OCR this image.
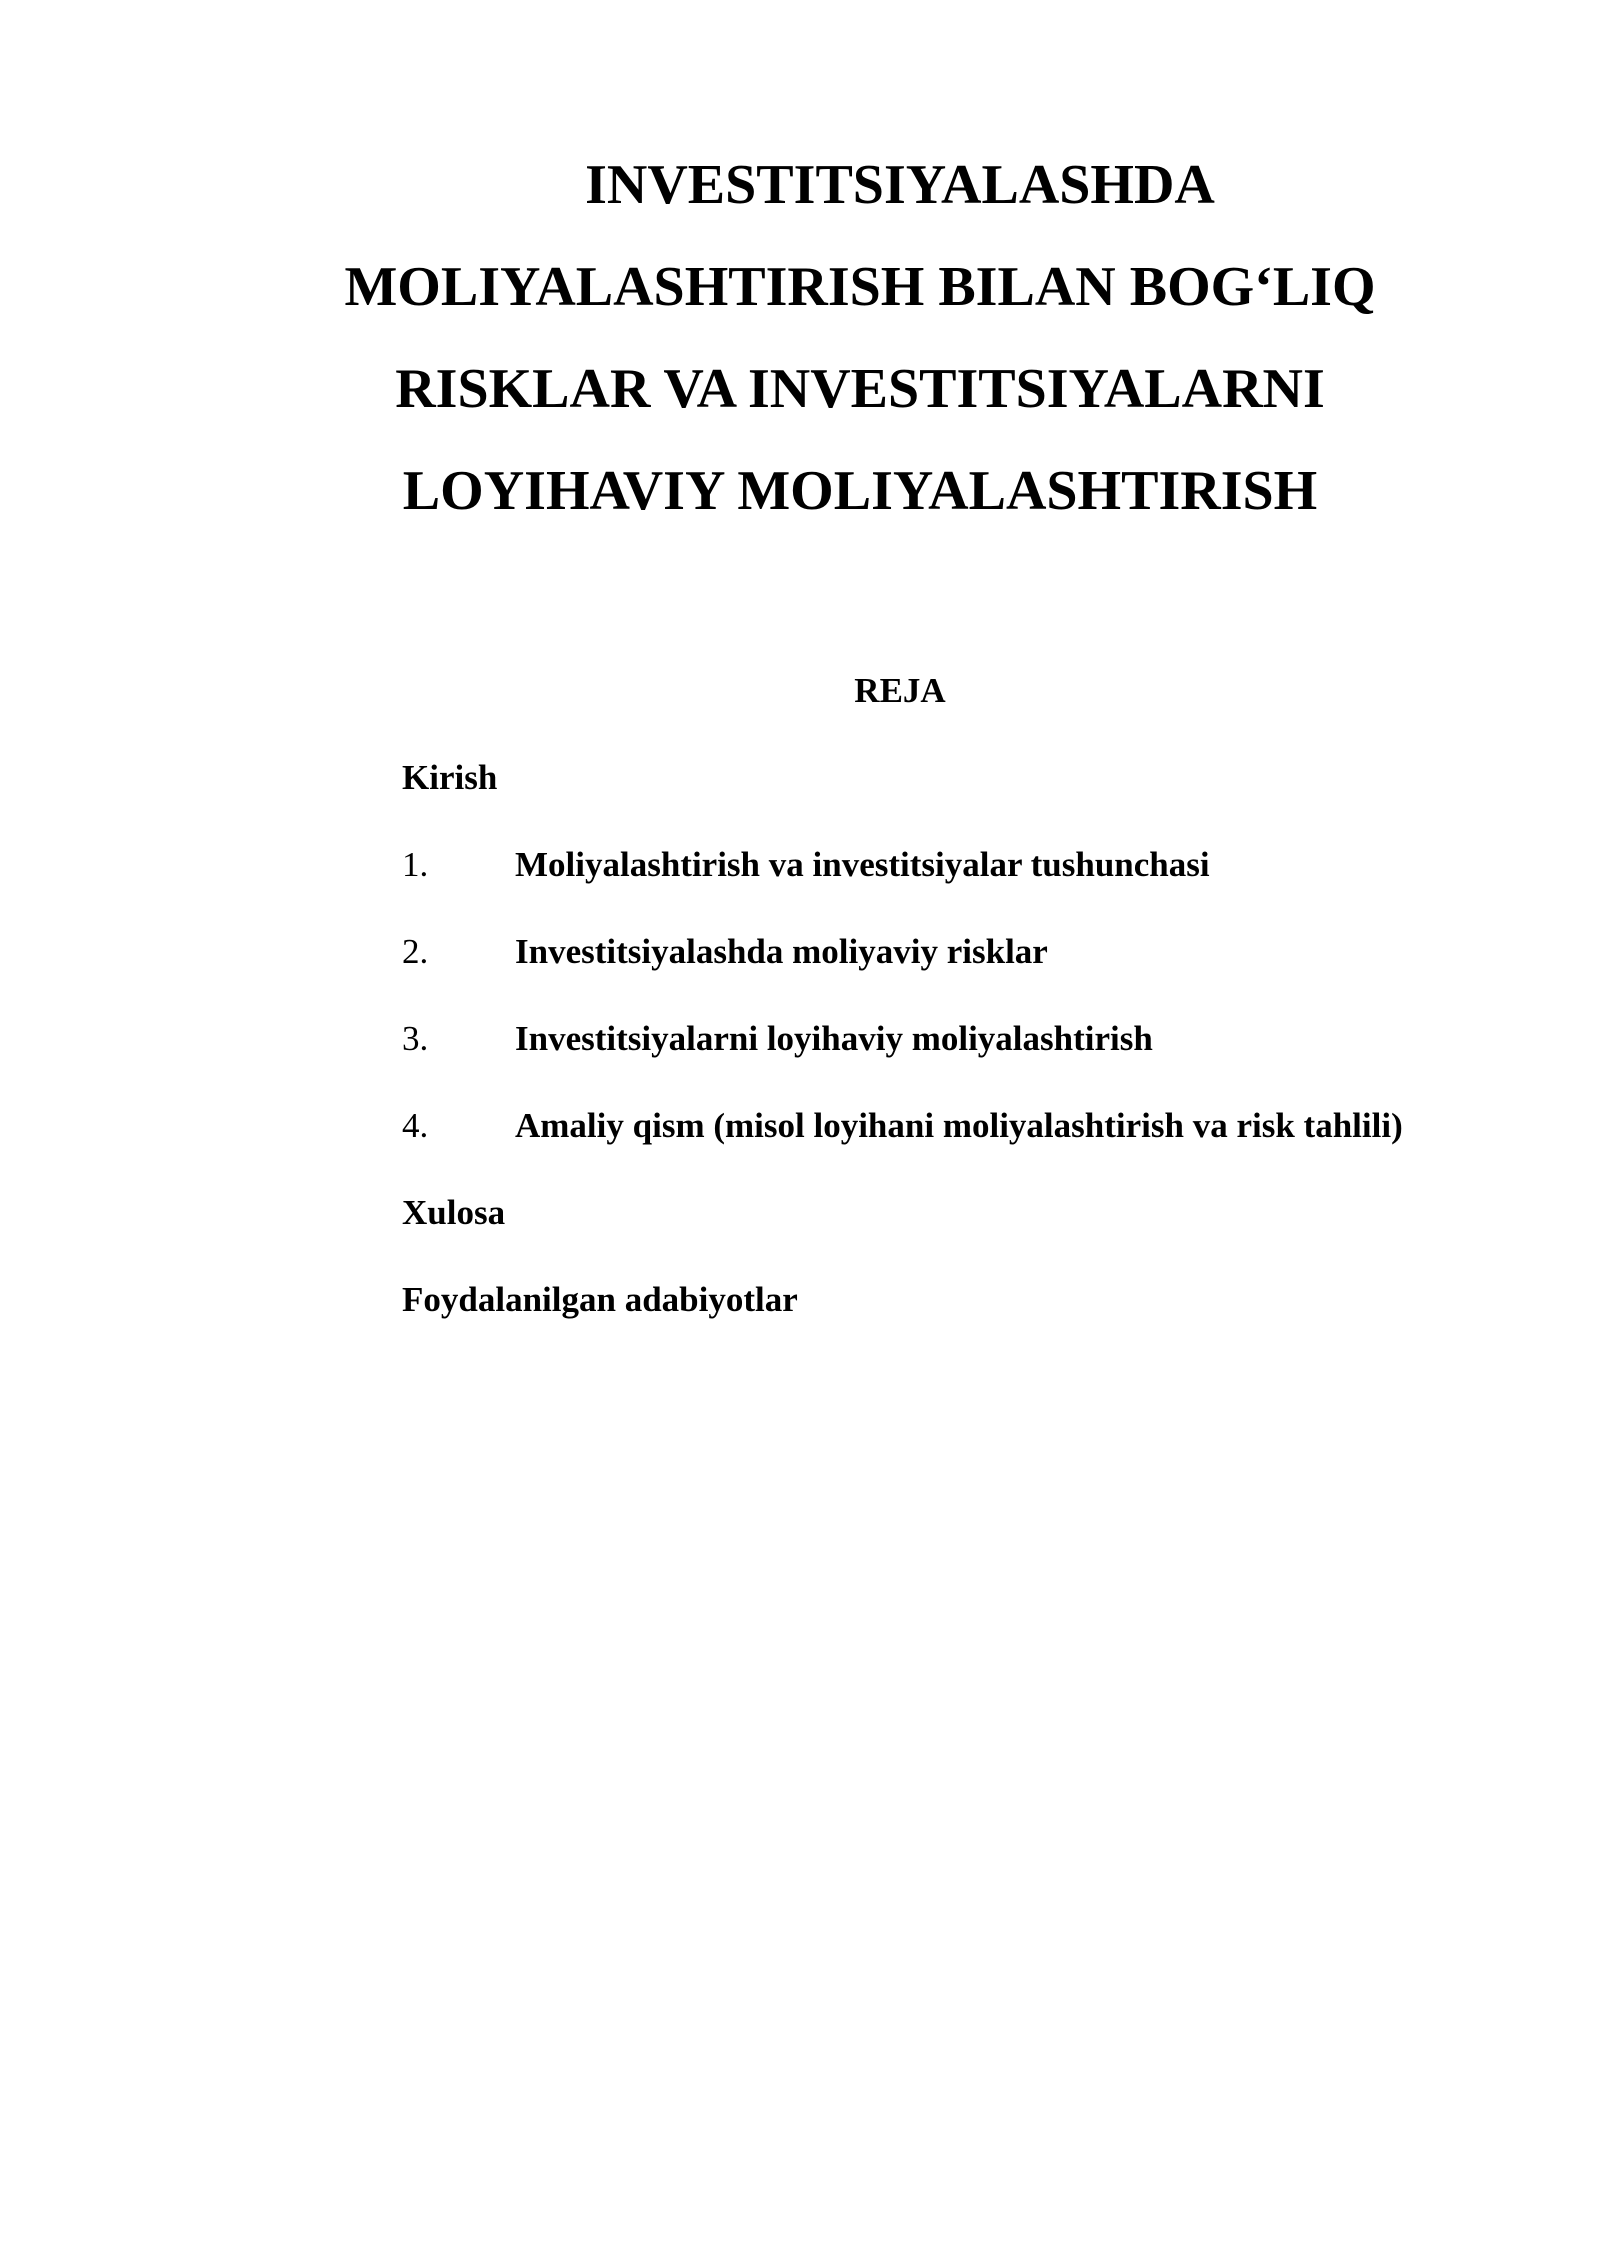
INVESTITSIYALASHDA
MOLIYALASHTIRISH BILAN BOG‘LIQ
RISKLAR VA INVESTITSIYALARNI
LOYIHAVIY MOLIYALASHTIRISH
REJA
Kirish
1. Moliyalashtirish va investitsiyalar tushunchasi
2. Investitsiyalashda moliyaviy risklar
3. Investitsiyalarni loyihaviy moliyalashtirish
4. Amaliy qism (misol loyihani moliyalashtirish va risk tahlili)
Xulosa
Foydalanilgan adabiyotlar
